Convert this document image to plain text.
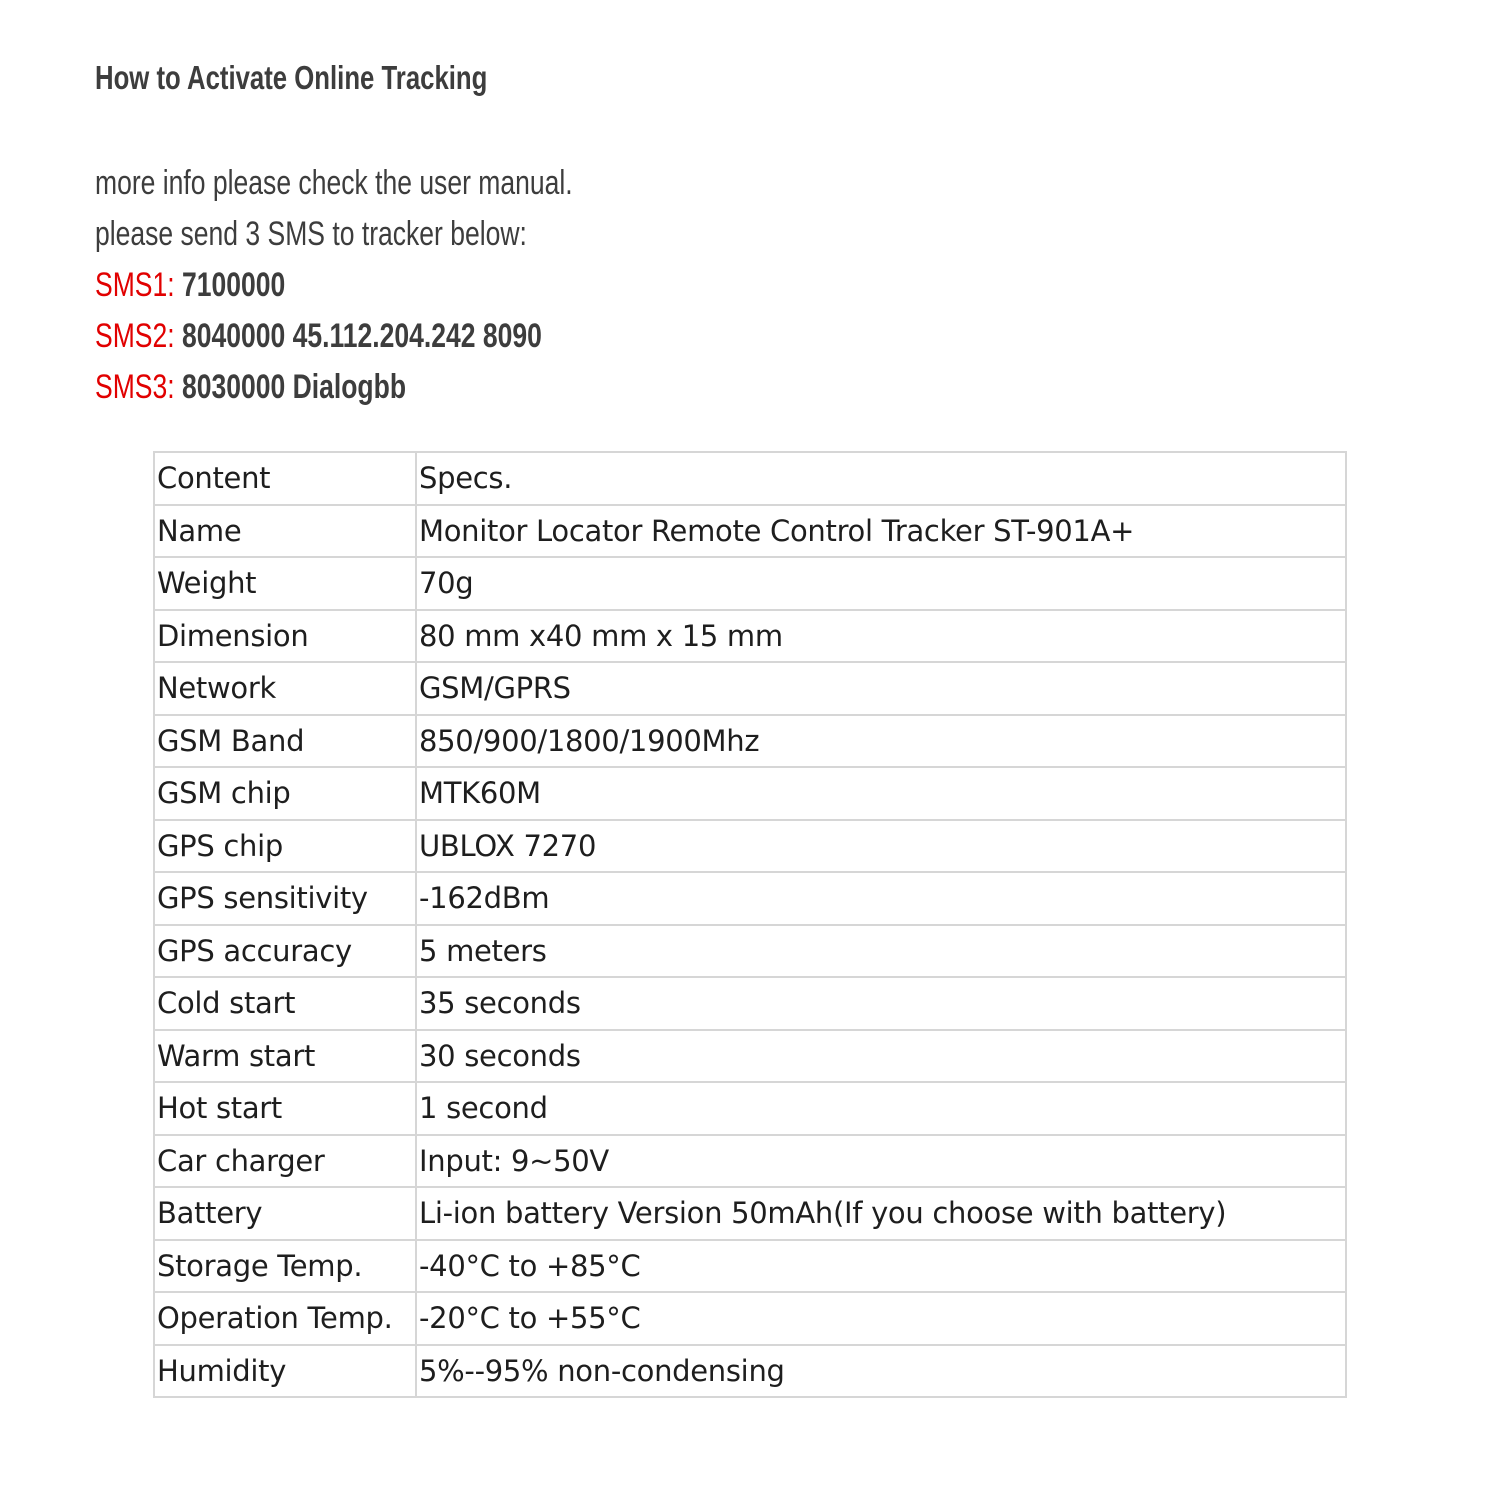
How to Activate Online Tracking
more info please check the user manual.
please send 3 SMS to tracker below:
SMS1: 7100000
SMS2: 8040000 45.112.204.242 8090
SMS3: 8030000 Dialogbb
Content	Specs.
Name	Monitor Locator Remote Control Tracker ST-901A+
Weight	70g
Dimension	80 mm x40 mm x 15 mm
Network	GSM/GPRS
GSM Band	850/900/1800/1900Mhz
GSM chip	MTK60M
GPS chip	UBLOX 7270
GPS sensitivity	-162dBm
GPS accuracy	5 meters
Cold start	35 seconds
Warm start	30 seconds
Hot start	1 second
Car charger	Input: 9~50V
Battery	Li-ion battery Version 50mAh(If you choose with battery)
Storage Temp.	-40°C to +85°C
Operation Temp.	-20°C to +55°C
Humidity	5%--95% non-condensing
